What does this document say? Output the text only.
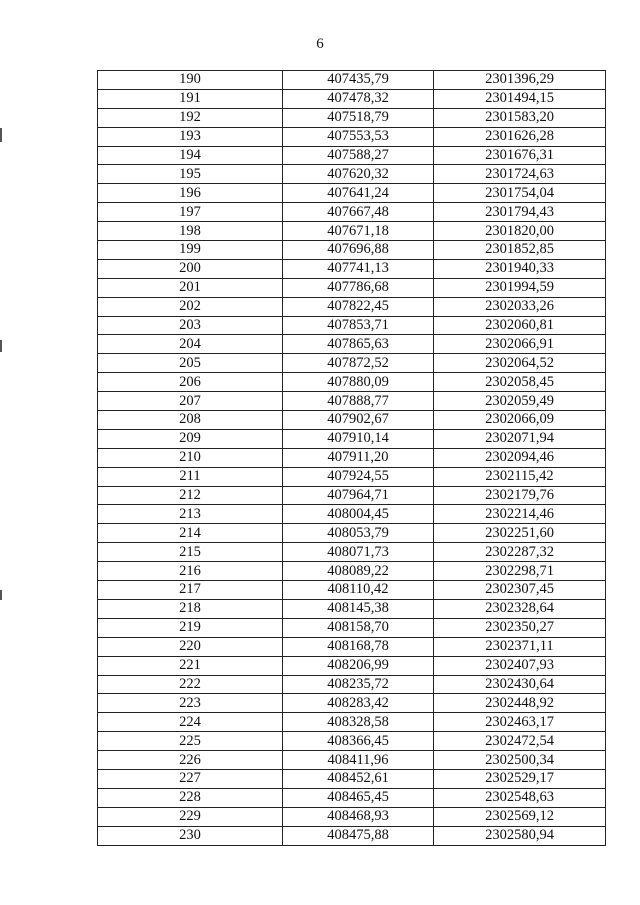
6
190	407435,79	2301396,29
191	407478,32	2301494,15
192	407518,79	2301583,20
193	407553,53	2301626,28
194	407588,27	2301676,31
195	407620,32	2301724,63
196	407641,24	2301754,04
197	407667,48	2301794,43
198	407671,18	2301820,00
199	407696,88	2301852,85
200	407741,13	2301940,33
201	407786,68	2301994,59
202	407822,45	2302033,26
203	407853,71	2302060,81
204	407865,63	2302066,91
205	407872,52	2302064,52
206	407880,09	2302058,45
207	407888,77	2302059,49
208	407902,67	2302066,09
209	407910,14	2302071,94
210	407911,20	2302094,46
211	407924,55	2302115,42
212	407964,71	2302179,76
213	408004,45	2302214,46
214	408053,79	2302251,60
215	408071,73	2302287,32
216	408089,22	2302298,71
217	408110,42	2302307,45
218	408145,38	2302328,64
219	408158,70	2302350,27
220	408168,78	2302371,11
221	408206,99	2302407,93
222	408235,72	2302430,64
223	408283,42	2302448,92
224	408328,58	2302463,17
225	408366,45	2302472,54
226	408411,96	2302500,34
227	408452,61	2302529,17
228	408465,45	2302548,63
229	408468,93	2302569,12
230	408475,88	2302580,94
